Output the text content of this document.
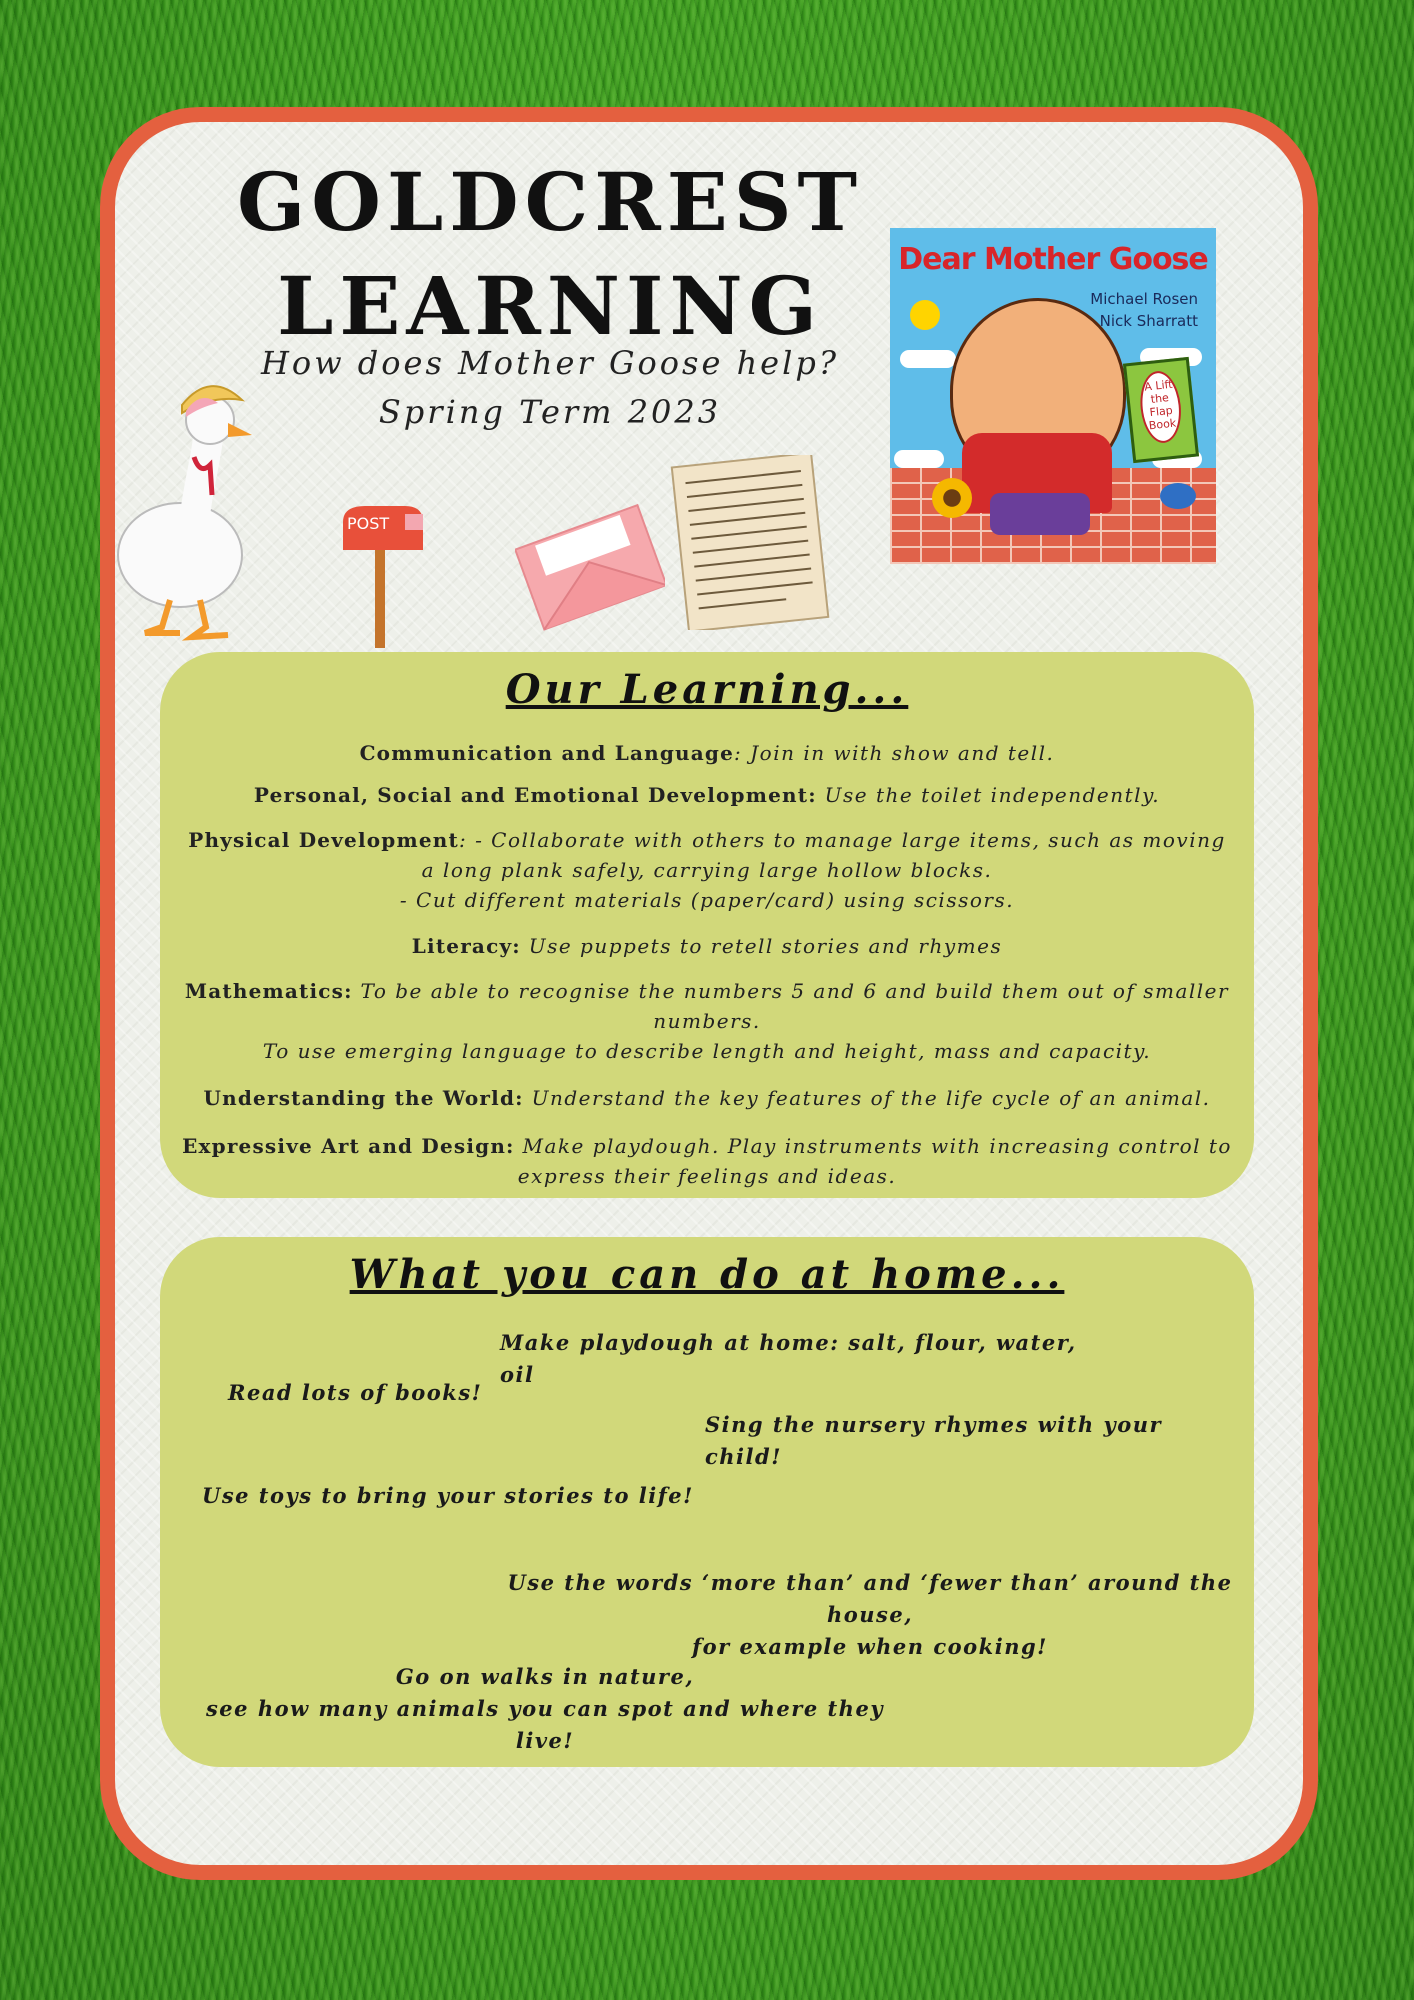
GOLDCREST LEARNING
How does Mother Goose help?
Spring Term 2023
Dear Mother Goose
Michael Rosen
Nick Sharratt
A Lift the Flap Book
POST
Our Learning...
Communication and Language: Join in with show and tell.
Personal, Social and Emotional Development: Use the toilet independently.
Physical Development: - Collaborate with others to manage large items, such as moving
a long plank safely, carrying large hollow blocks.
- Cut different materials (paper/card) using scissors.
Literacy: Use puppets to retell stories and rhymes
Mathematics: To be able to recognise the numbers 5 and 6 and build them out of smaller
numbers.
To use emerging language to describe length and height, mass and capacity.
Understanding the World: Understand the key features of the life cycle of an animal.
Expressive Art and Design: Make playdough. Play instruments with increasing control to
express their feelings and ideas.
What you can do at home...
Make playdough at home: salt, flour, water, oil
Read lots of books!
Sing the nursery rhymes with your child!
Use toys to bring your stories to life!
Use the words ‘more than’ and ‘fewer than’ around the house,
for example when cooking!
Go on walks in nature,
see how many animals you can spot and where they live!
